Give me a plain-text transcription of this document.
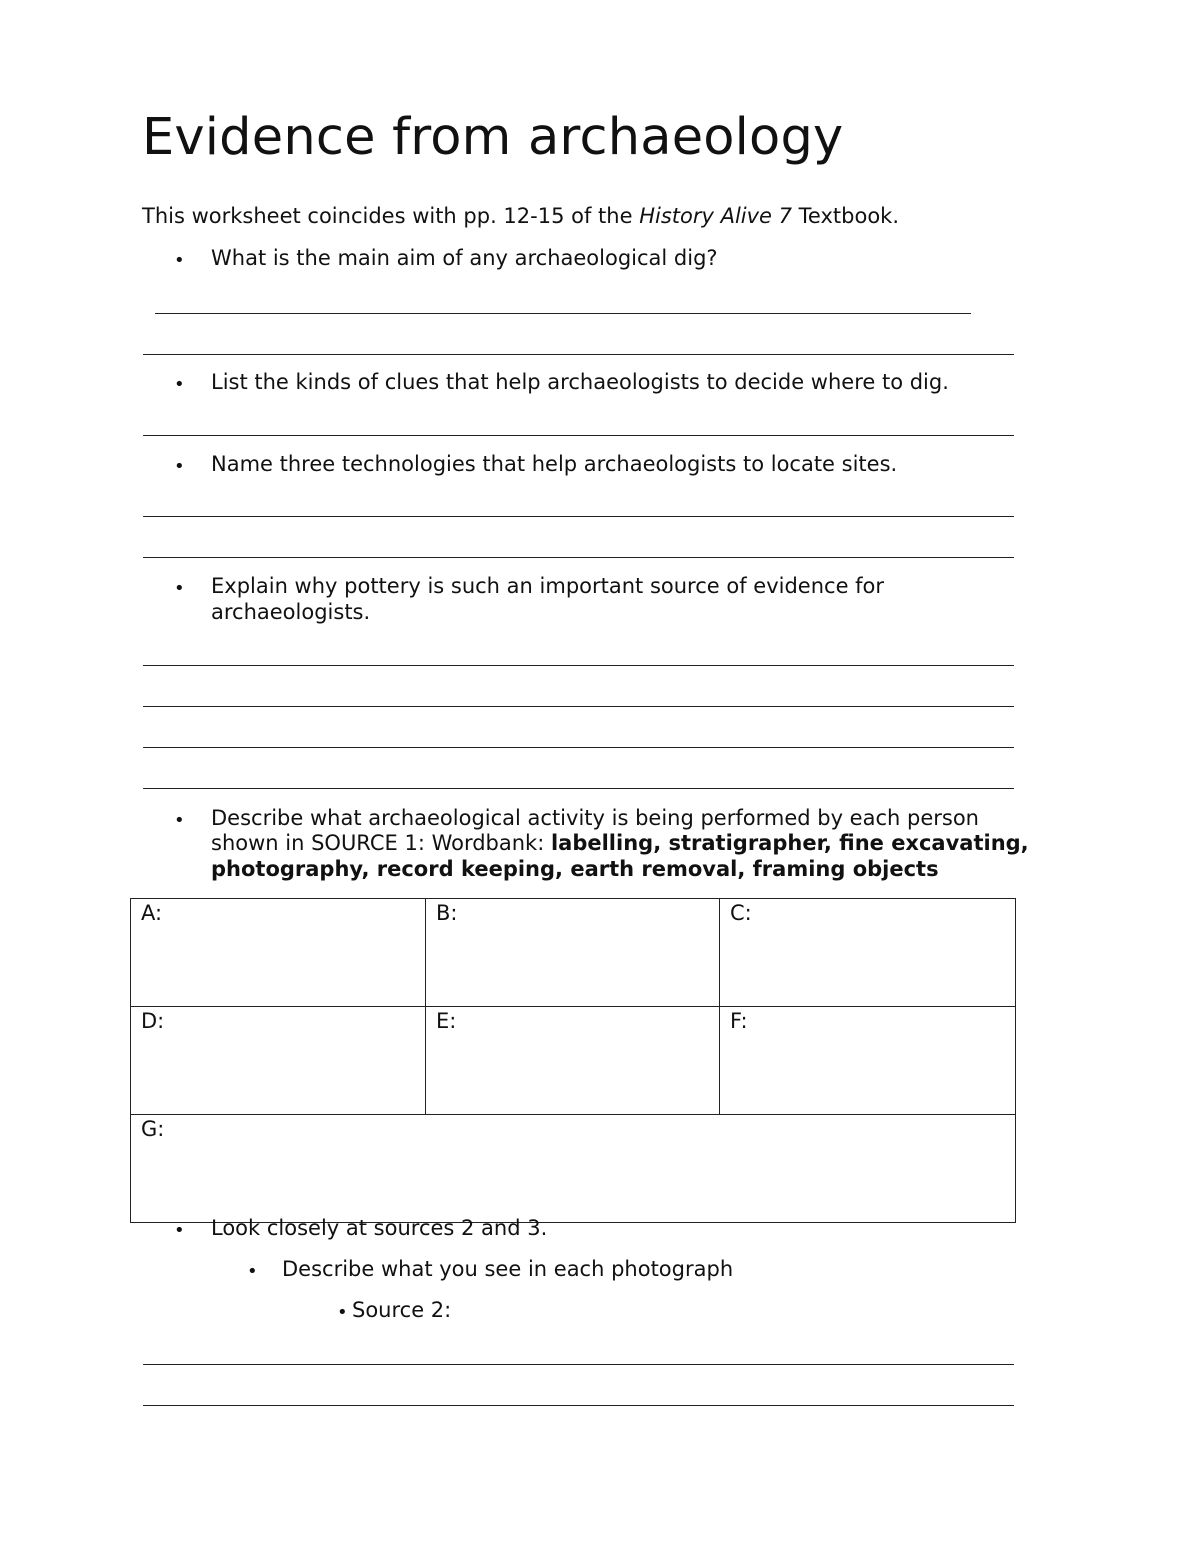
Evidence from archaeology
This worksheet coincides with pp. 12-15 of the History Alive 7 Textbook.
• What is the main aim of any archaeological dig?
• List the kinds of clues that help archaeologists to decide where to dig.
• Name three technologies that help archaeologists to locate sites.
• Explain why pottery is such an important source of evidence for
archaeologists.
• Describe what archaeological activity is being performed by each person
shown in SOURCE 1: Wordbank: labelling, stratigrapher, fine excavating,
photography, record keeping, earth removal, framing objects
A:	B:	C:
D:	E:	F:
G:		
• Look closely at sources 2 and 3.
• Describe what you see in each photograph
• Source 2:
